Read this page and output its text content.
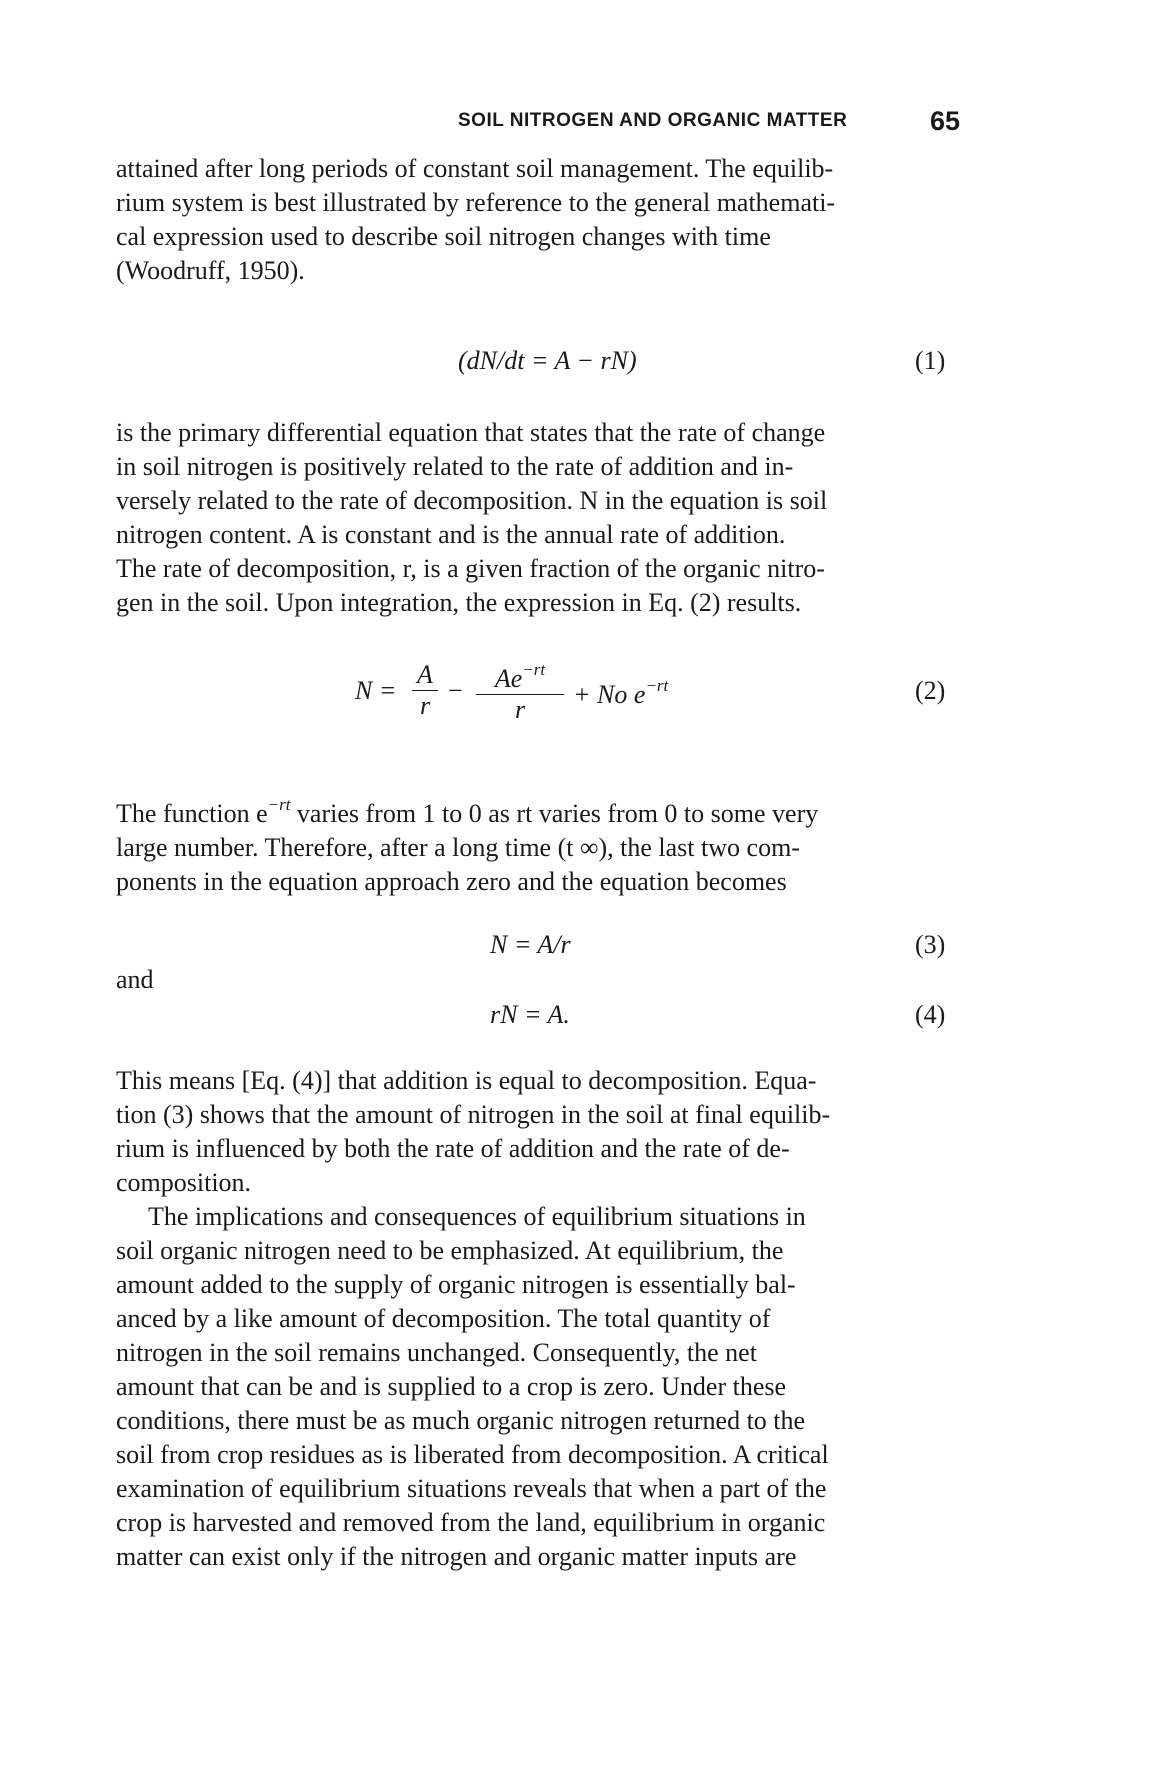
SOIL NITROGEN AND ORGANIC MATTER	65

attained after long periods of constant soil management. The equilib-
rium system is best illustrated by reference to the general mathemati-
cal expression used to describe soil nitrogen changes with time
(Woodruff, 1950).

(dN/dt = A − rN)	(1)

is the primary differential equation that states that the rate of change
in soil nitrogen is positively related to the rate of addition and in-
versely related to the rate of decomposition. N in the equation is soil
nitrogen content. A is constant and is the annual rate of addition.
The rate of decomposition, r, is a given fraction of the organic nitro-
gen in the soil. Upon integration, the expression in Eq. (2) results.

N =
A
r
−	$Ae^{-rt}$
r
+ No $e^{-rt}$	(2)

The function $e^{-rt}$ varies from 1 to 0 as rt varies from 0 to some very
large number. Therefore, after a long time (t ∞), the last two com-
ponents in the equation approach zero and the equation becomes

N = A/r	(3)
and
rN = A.	(4)

This means [Eq. (4)] that addition is equal to decomposition. Equa-
tion (3) shows that the amount of nitrogen in the soil at final equilib-
rium is influenced by both the rate of addition and the rate of de-
composition.

The implications and consequences of equilibrium situations in
soil organic nitrogen need to be emphasized. At equilibrium, the
amount added to the supply of organic nitrogen is essentially bal-
anced by a like amount of decomposition. The total quantity of
nitrogen in the soil remains unchanged. Consequently, the net
amount that can be and is supplied to a crop is zero. Under these
conditions, there must be as much organic nitrogen returned to the
soil from crop residues as is liberated from decomposition. A critical
examination of equilibrium situations reveals that when a part of the
crop is harvested and removed from the land, equilibrium in organic
matter can exist only if the nitrogen and organic matter inputs are
